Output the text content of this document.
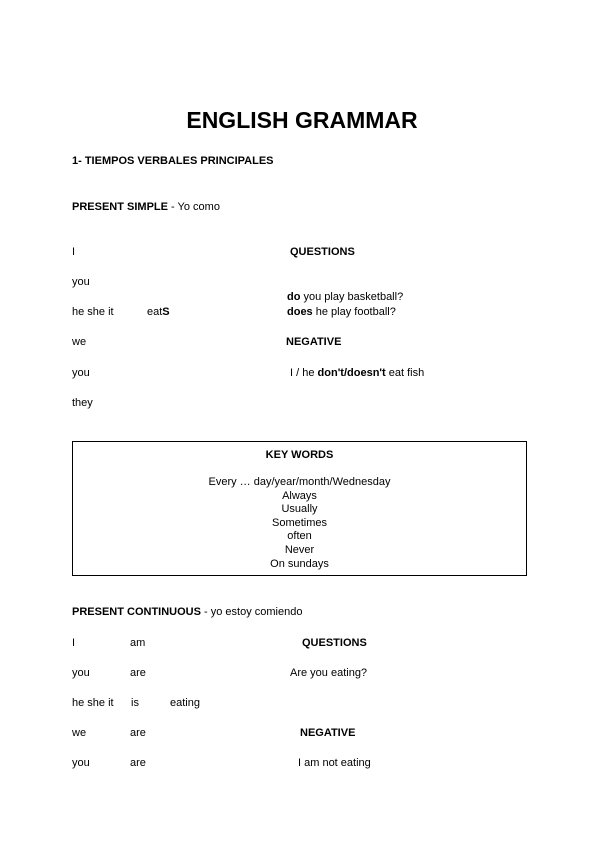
ENGLISH GRAMMAR
1- TIEMPOS VERBALES PRINCIPALES
PRESENT SIMPLE - Yo como
I
you
he she it	eatS
we
you
they
QUESTIONS
do you play basketball?
does he play football?
NEGATIVE
I / he don't/doesn't eat fish
KEY WORDS
Every … day/year/month/Wednesday
Always
Usually
Sometimes
often
Never
On sundays
PRESENT CONTINUOUS - yo estoy comiendo
I	am
you	are
he she it is	eating
we	are
you	are
QUESTIONS
Are you eating?
NEGATIVE
I am not eating
